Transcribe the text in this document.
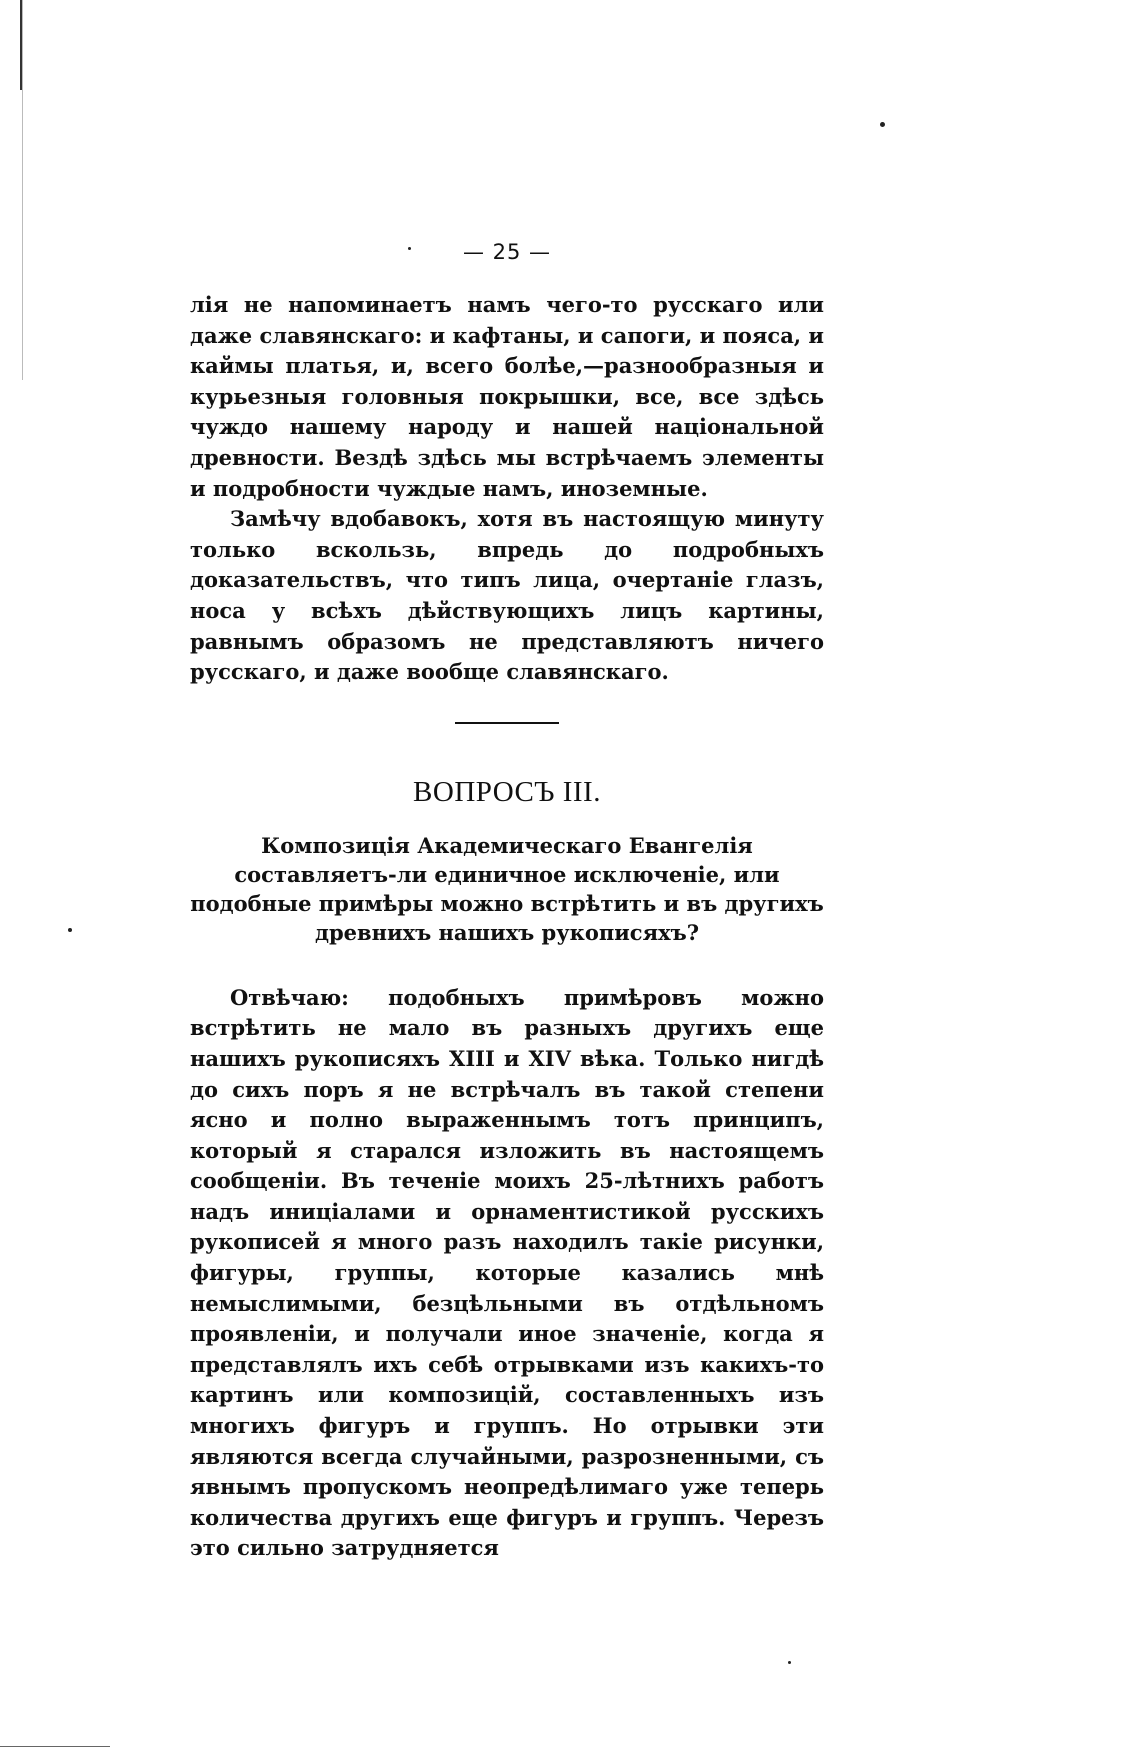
— 25 —

лія не напоминаетъ намъ чего-то русскаго или даже славянскаго: и кафтаны, и сапоги, и пояса, и каймы платья, и, всего болѣе,—разнообразныя и курьезныя головныя покрышки, все, все здѣсь чуждо нашему народу и нашей національной древности. Вездѣ здѣсь мы встрѣчаемъ элементы и подробности чуждые намъ, иноземные.

Замѣчу вдобавокъ, хотя въ настоящую минуту только вскользь, впредь до подробныхъ доказательствъ, что типъ лица, очертаніе глазъ, носа у всѣхъ дѣйствующихъ лицъ картины, равнымъ образомъ не представляютъ ничего русскаго, и даже вообще славянскаго.

ВОПРОСЪ III.

Композиція Академическаго Евангелія составляетъ-ли единичное исключеніе, или подобные примѣры можно встрѣтить и въ другихъ древнихъ нашихъ рукописяхъ?

Отвѣчаю: подобныхъ примѣровъ можно встрѣтить не мало въ разныхъ другихъ еще нашихъ рукописяхъ XIII и XIV вѣка. Только нигдѣ до сихъ поръ я не встрѣчалъ въ такой степени ясно и полно выраженнымъ тотъ принципъ, который я старался изложить въ настоящемъ сообщеніи. Въ теченіе моихъ 25-лѣтнихъ работъ надъ иниціалами и орнаментистикой русскихъ рукописей я много разъ находилъ такіе рисунки, фигуры, группы, которые казались мнѣ немыслимыми, безцѣльными въ отдѣльномъ проявленіи, и получали иное значеніе, когда я представлялъ ихъ себѣ отрывками изъ какихъ-то картинъ или композицій, составленныхъ изъ многихъ фигуръ и группъ. Но отрывки эти являются всегда случайными, разрозненными, съ явнымъ пропускомъ неопредѣлимаго уже теперь количества другихъ еще фигуръ и группъ. Черезъ это сильно затрудняется
